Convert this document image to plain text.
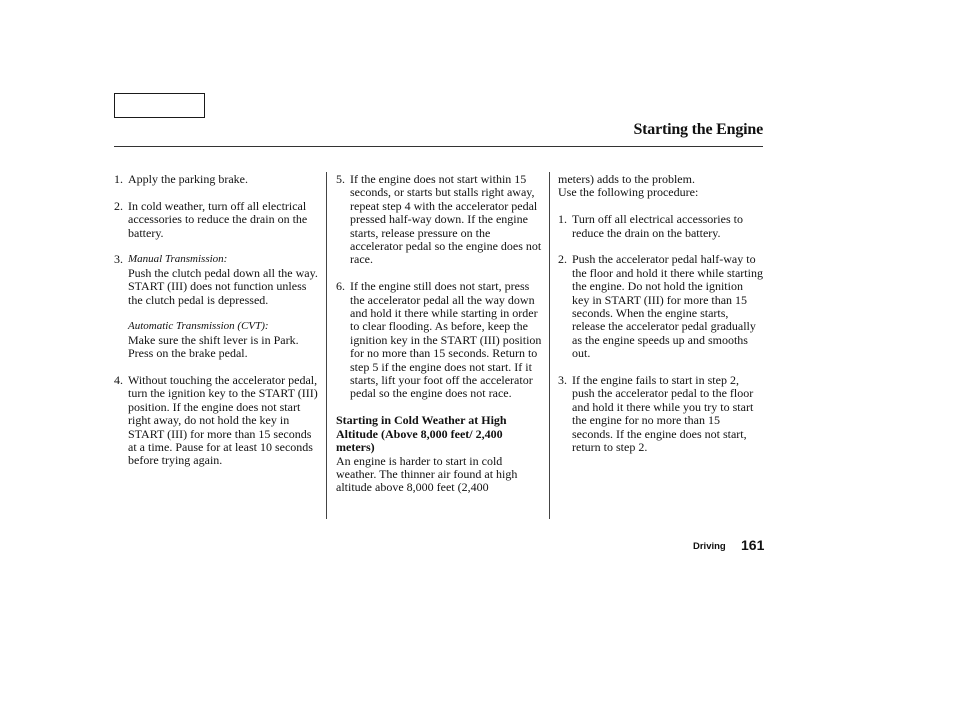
Starting the Engine
1. Apply the parking brake.

2. In cold weather, turn off all electrical accessories to reduce the drain on the battery.

3. Manual Transmission:

Push the clutch pedal down all the way. START (III) does not function unless the clutch pedal is depressed.

Automatic Transmission (CVT):

Make sure the shift lever is in Park. Press on the brake pedal.

4. Without touching the accelerator pedal, turn the ignition key to the START (III) position. If the engine does not start right away, do not hold the key in START (III) for more than 15 seconds at a time. Pause for at least 10 seconds before trying again.

5. If the engine does not start within 15 seconds, or starts but stalls right away, repeat step 4 with the accelerator pedal pressed half-way down. If the engine starts, release pressure on the accelerator pedal so the engine does not race.

6. If the engine still does not start, press the accelerator pedal all the way down and hold it there while starting in order to clear flooding. As before, keep the ignition key in the START (III) position for no more than 15 seconds. Return to step 5 if the engine does not start. If it starts, lift your foot off the accelerator pedal so the engine does not race.

Starting in Cold Weather at High Altitude (Above 8,000 feet/ 2,400 meters)

An engine is harder to start in cold weather. The thinner air found at high altitude above 8,000 feet (2,400

meters) adds to the problem.

Use the following procedure:

1. Turn off all electrical accessories to reduce the drain on the battery.

2. Push the accelerator pedal half-way to the floor and hold it there while starting the engine. Do not hold the ignition key in START (III) for more than 15 seconds. When the engine starts, release the accelerator pedal gradually as the engine speeds up and smooths out.

3. If the engine fails to start in step 2, push the accelerator pedal to the floor and hold it there while you try to start the engine for no more than 15 seconds. If the engine does not start, return to step 2.

Driving 161
